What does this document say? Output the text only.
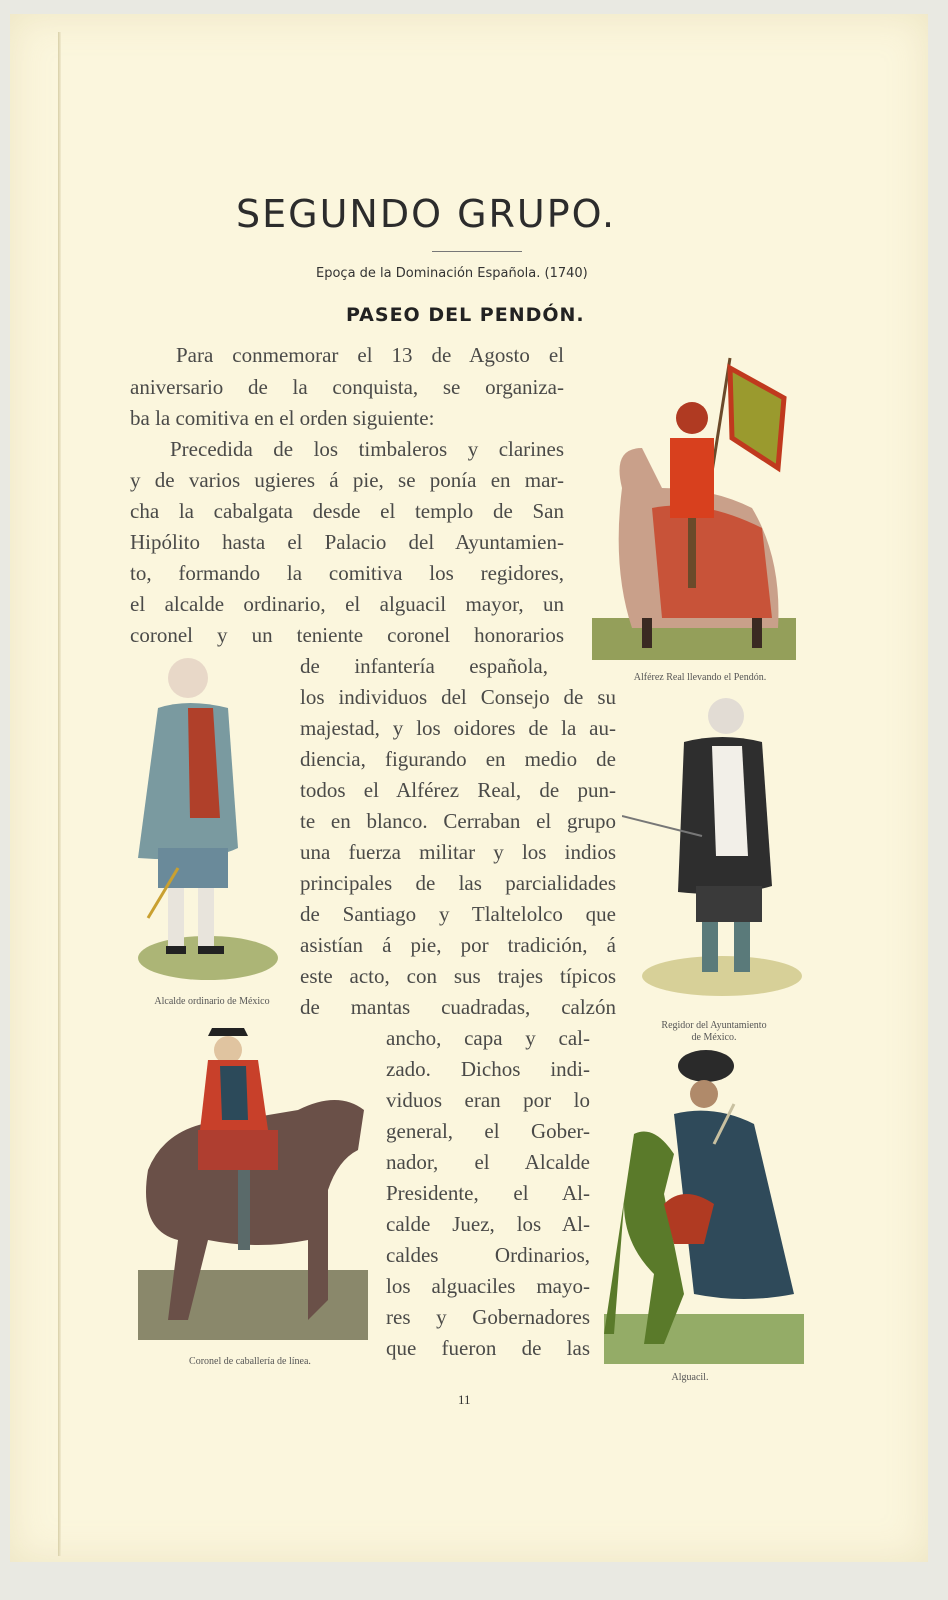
SEGUNDO GRUPO.
Epoça de la Dominación Española. (1740)
PASEO DEL PENDÓN.
Para conmemorar el 13 de Agosto el
aniversario de la conquista, se organiza-
ba la comitiva en el orden siguiente:
Precedida de los timbaleros y clarines
y de varios ugieres á pie, se ponía en mar-
cha la cabalgata desde el templo de San
Hipólito hasta el Palacio del Ayuntamien-
to, formando la comitiva los regidores,
el alcalde ordinario, el alguacil mayor, un
coronel y un teniente coronel honorarios
de infantería española,
los individuos del Consejo de su
majestad, y los oidores de la au-
diencia, figurando en medio de
todos el Alférez Real, de pun-
te en blanco. Cerraban el grupo
una fuerza militar y los indios
principales de las parcialidades
de Santiago y Tlaltelolco que
asistían á pie, por tradición, á
este acto, con sus trajes típicos
de mantas cuadradas, calzón
ancho, capa y cal-
zado. Dichos indi-
viduos eran por lo
general, el Gober-
nador, el Alcalde
Presidente, el Al-
calde Juez, los Al-
caldes Ordinarios,
los alguaciles mayo-
res y Gobernadores
que fueron de las
Alférez Real llevando el Pendón.
Alcalde ordinario de México
Regidor del Ayuntamiento
de México.
Coronel de caballería de línea.
Alguacil.
11
